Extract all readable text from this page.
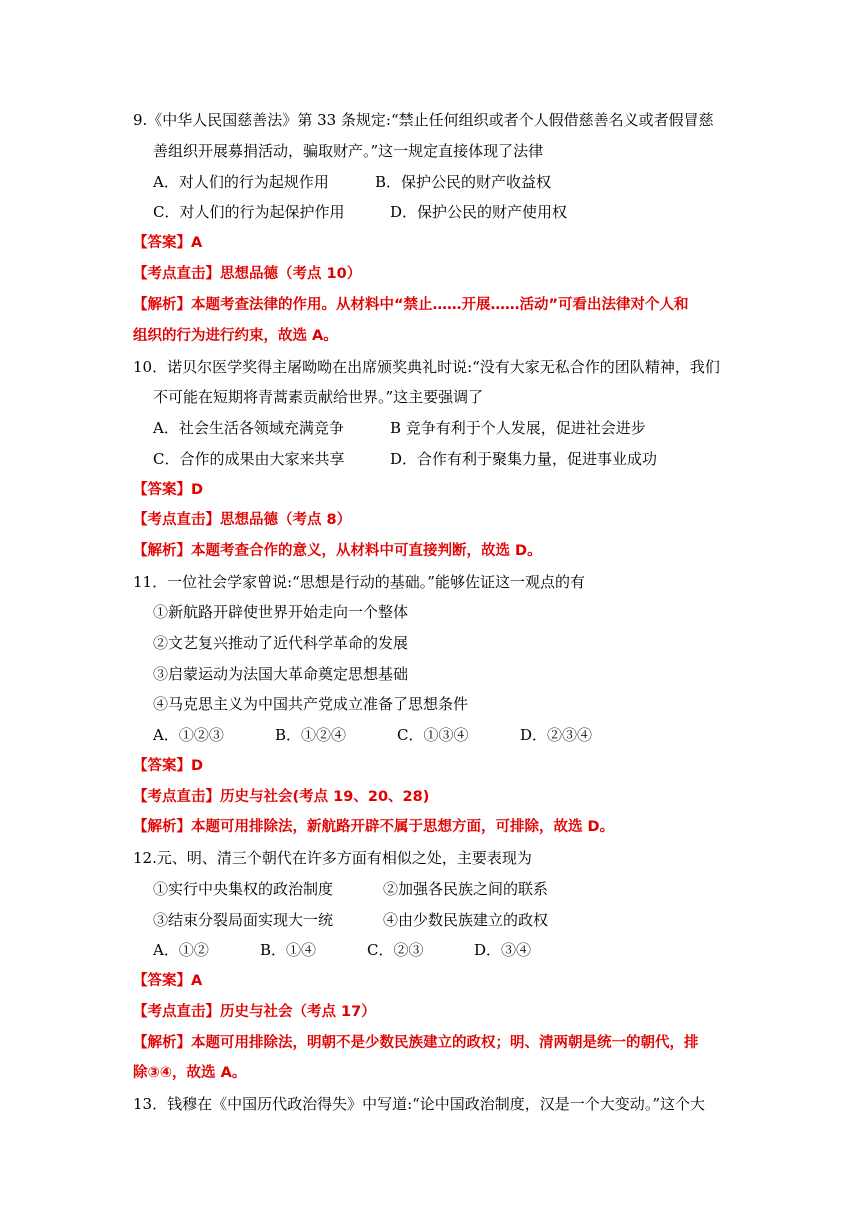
9.《中华人民国慈善法》第 33 条规定:“禁止任何组织或者个人假借慈善名义或者假冒慈
善组织开展募捐活动，骗取财产。”这一规定直接体现了法律
A．对人们的行为起规作用	B．保护公民的财产收益权
C．对人们的行为起保护作用	D．保护公民的财产使用权
【答案】A
【考点直击】思想品德（考点 10）
【解析】本题考查法律的作用。从材料中“禁止……开展……活动”可看出法律对个人和
组织的行为进行约束，故选 A。
10．诺贝尔医学奖得主屠呦呦在出席颁奖典礼时说:“没有大家无私合作的团队精神，我们
不可能在短期将青蒿素贡献给世界。”这主要强调了
A．社会生活各领域充满竞争	B 竞争有利于个人发展，促进社会进步
C．合作的成果由大家来共享	D．合作有利于聚集力量，促进事业成功
【答案】D
【考点直击】思想品德（考点 8）
【解析】本题考查合作的意义，从材料中可直接判断，故选 D。
11．一位社会学家曾说:“思想是行动的基础。”能够佐证这一观点的有
①新航路开辟使世界开始走向一个整体
②文艺复兴推动了近代科学革命的发展
③启蒙运动为法国大革命奠定思想基础
④马克思主义为中国共产党成立准备了思想条件
A．①②③	B．①②④	C．①③④	D．②③④
【答案】D
【考点直击】历史与社会(考点 19、20、28)
【解析】本题可用排除法，新航路开辟不属于思想方面，可排除，故选 D。
12.元、明、清三个朝代在许多方面有相似之处，主要表现为
①实行中央集权的政治制度	②加强各民族之间的联系
③结束分裂局面实现大一统	④由少数民族建立的政权
A．①②	B．①④	C．②③	D．③④
【答案】A
【考点直击】历史与社会（考点 17）
【解析】本题可用排除法，明朝不是少数民族建立的政权；明、清两朝是统一的朝代，排
除③④，故选 A。
13．钱穆在《中国历代政治得失》中写道:“论中国政治制度，汉是一个大变动。”这个大
